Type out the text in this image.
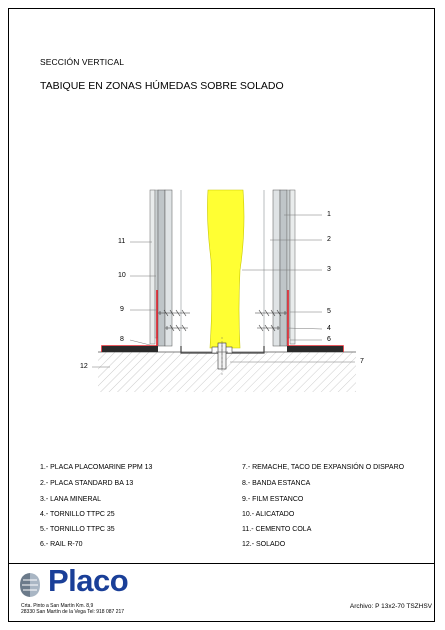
SECCIÓN VERTICAL
TABIQUE EN ZONAS HÚMEDAS SOBRE SOLADO
11
10
9
8
12
1
2
3
5
4
6
7
1.- PLACA PLACOMARINE PPM 13
2.- PLACA STANDARD BA 13
3.- LANA MINERAL
4.- TORNILLO TTPC 25
5.- TORNILLO TTPC 35
6.- RAIL R-70
7.- REMACHE, TACO DE EXPANSIÓN O DISPARO
8.- BANDA ESTANCA
9.- FILM ESTANCO
10.- ALICATADO
11.- CEMENTO COLA
12.- SOLADO
Placo
Crta. Pinto a San Martín Km. 8,9
28330 San Martín de la Vega Tel: 918 087 217
Archivo: P 13x2-70 TSZHSV
